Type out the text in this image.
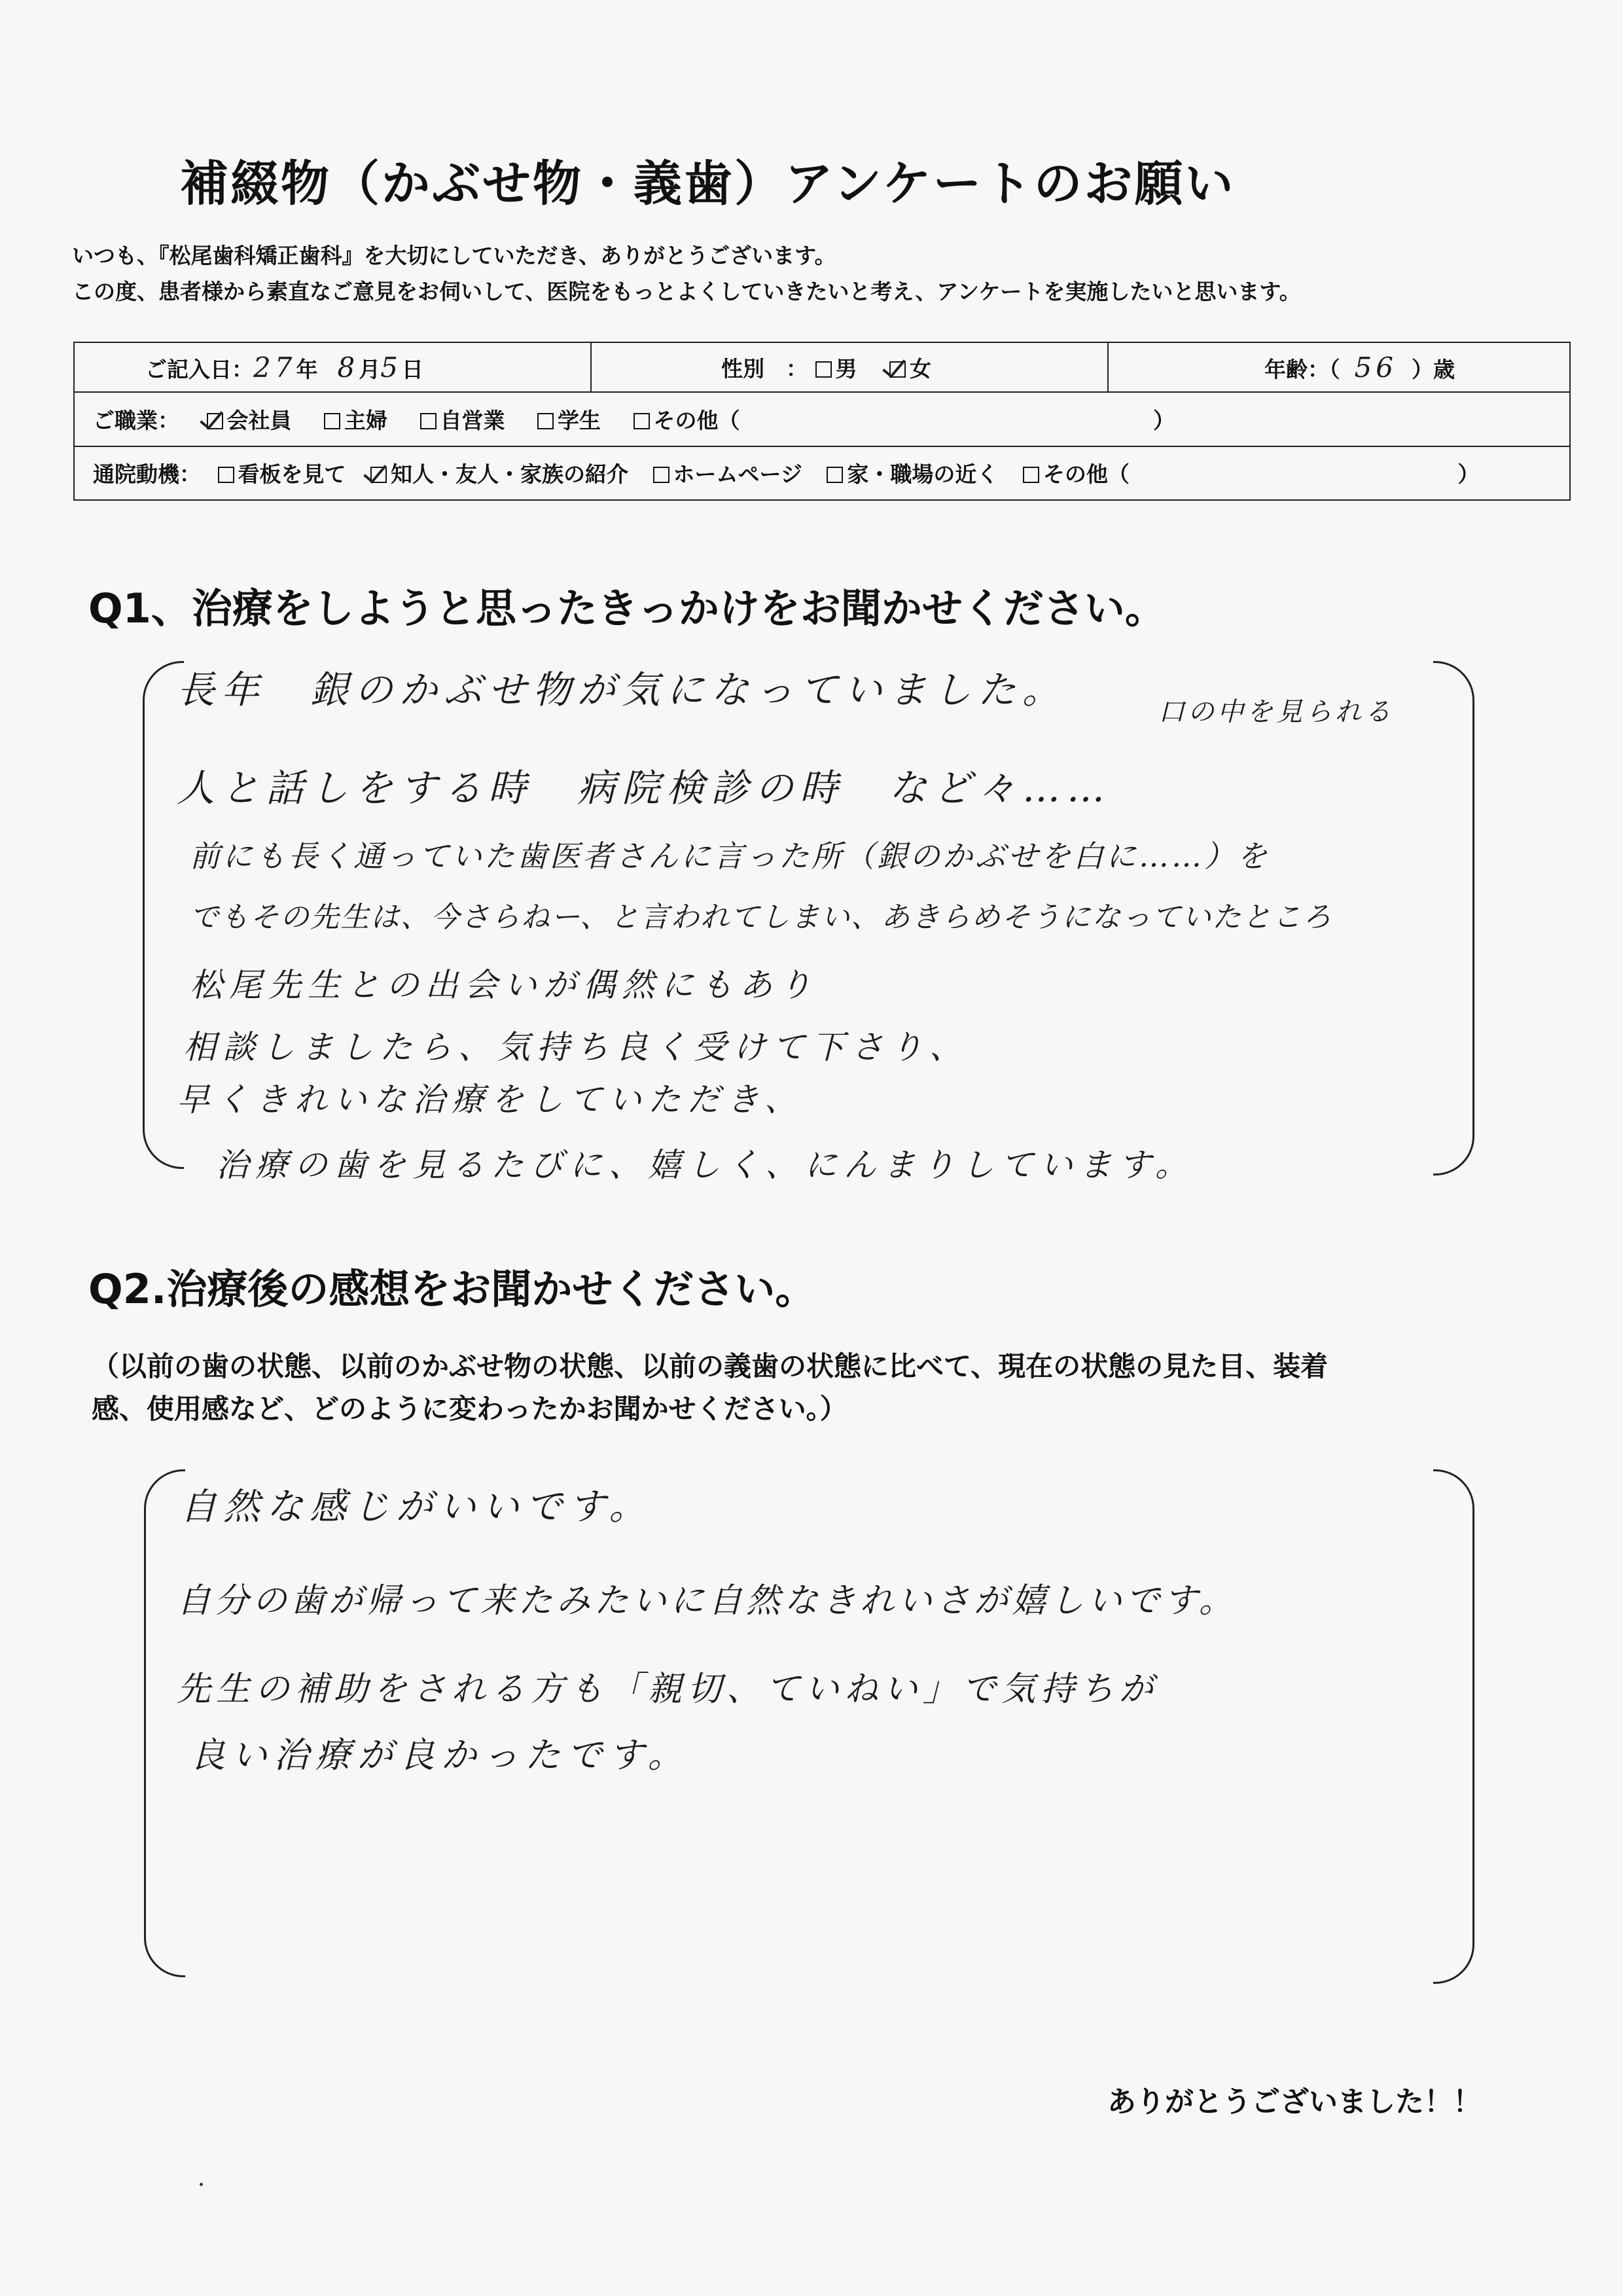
補綴物（かぶせ物・義歯）アンケートのお願い
いつも、『松尾歯科矯正歯科』を大切にしていただき、ありがとうございます。
この度、患者様から素直なご意見をお伺いして、医院をもっとよくしていきたいと考え、アンケートを実施したいと思います。
ご記入日：27年 8月5日	性別　： 男 女	年齢：（ 56 ）歳
ご職業： 会社員 主婦 自営業 学生 その他（	）
通院動機： 看板を見て 知人・友人・家族の紹介 ホームページ 家・職場の近く その他（	）
Q1、治療をしようと思ったきっかけをお聞かせください。
長年　銀のかぶせ物が気になっていました。	口の中を見られる
人と話しをする時　病院検診の時　など々……
前にも長く通っていた歯医者さんに言った所（銀のかぶせを白に……）を
でもその先生は、今さらねー、と言われてしまい、あきらめそうになっていたところ
松尾先生との出会いが偶然にもあり
相談しましたら、気持ち良く受けて下さり、
早くきれいな治療をしていただき、
治療の歯を見るたびに、嬉しく、にんまりしています。
Q2.治療後の感想をお聞かせください。
（以前の歯の状態、以前のかぶせ物の状態、以前の義歯の状態に比べて、現在の状態の見た目、装着
感、使用感など、どのように変わったかお聞かせください。）
自然な感じがいいです。
自分の歯が帰って来たみたいに自然なきれいさが嬉しいです。
先生の補助をされる方も「親切、ていねい」で気持ちが
良い治療が良かったです。
ありがとうございました！！
